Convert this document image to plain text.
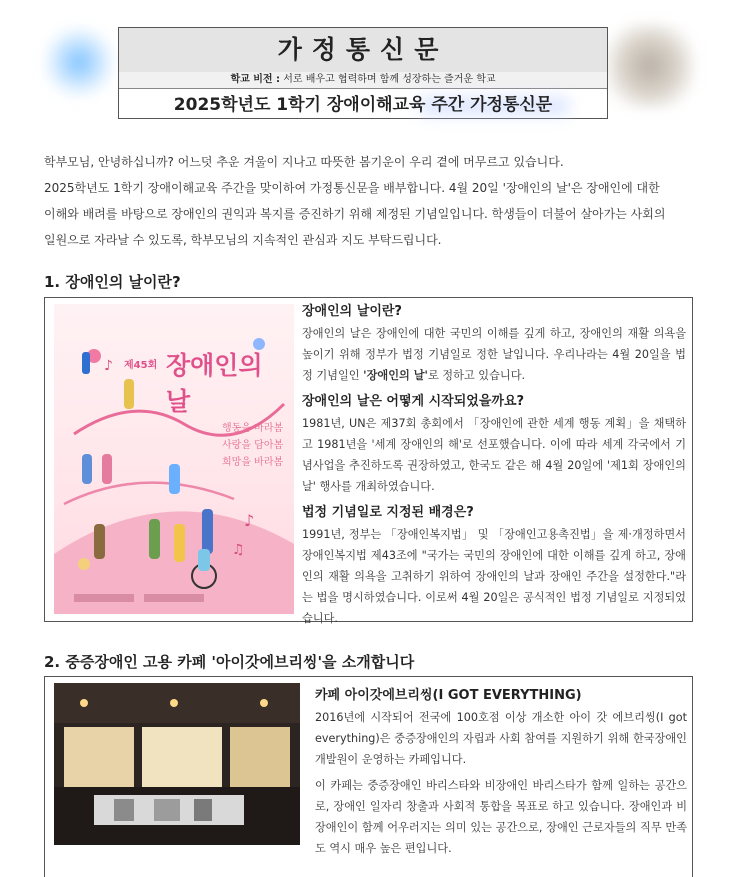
가정통신문
학교 비전 : 서로 배우고 협력하며 함께 성장하는 즐거운 학교
2025학년도 1학기 장애이해교육 주간 가정통신문
학부모님, 안녕하십니까? 어느덧 추운 겨울이 지나고 따뜻한 봄기운이 우리 곁에 머무르고 있습니다.
2025학년도 1학기 장애이해교육 주간을 맞이하여 가정통신문을 배부합니다. 4월 20일 '장애인의 날'은 장애인에 대한
이해와 배려를 바탕으로 장애인의 권익과 복지를 증진하기 위해 제정된 기념일입니다. 학생들이 더불어 살아가는 사회의
일원으로 자라날 수 있도록, 학부모님의 지속적인 관심과 지도 부탁드립니다.
1. 장애인의 날이란?
♪
♪
♫
제45회 장애인의 날
행동을 바라봄
사랑을 담아봄
희망을 바라봄
장애인의 날이란?

장애인의 날은 장애인에 대한 국민의 이해를 깊게 하고, 장애인의 재활 의욕을 높이기 위해 정부가 법정 기념일로 정한 날입니다. 우리나라는 4월 20일을 법정 기념일인 '장애인의 날'로 정하고 있습니다.

장애인의 날은 어떻게 시작되었을까요?

1981년, UN은 제37회 총회에서 「장애인에 관한 세계 행동 계획」을 채택하고 1981년을 '세계 장애인의 해'로 선포했습니다. 이에 따라 세계 각국에서 기념사업을 추진하도록 권장하였고, 한국도 같은 해 4월 20일에 '제1회 장애인의 날' 행사를 개최하였습니다.

법정 기념일로 지정된 배경은?

1991년, 정부는 「장애인복지법」 및 「장애인고용촉진법」을 제·개정하면서 장애인복지법 제43조에 "국가는 국민의 장애인에 대한 이해를 깊게 하고, 장애인의 재활 의욕을 고취하기 위하여 장애인의 날과 장애인 주간을 설정한다."라는 법을 명시하였습니다. 이로써 4월 20일은 공식적인 법정 기념일로 지정되었습니다.

2. 중증장애인 고용 카페 '아이갓에브리씽'을 소개합니다
카페 아이갓에브리씽(I GOT EVERYTHING)

2016년에 시작되어 전국에 100호점 이상 개소한 아이 갓 에브리씽(I got everything)은 중증장애인의 자립과 사회 참여를 지원하기 위해 한국장애인개발원이 운영하는 카페입니다.

이 카페는 중증장애인 바리스타와 비장애인 바리스타가 함께 일하는 공간으로, 장애인 일자리 창출과 사회적 통합을 목표로 하고 있습니다. 장애인과 비장애인이 함께 어우러지는 의미 있는 공간으로, 장애인 근로자들의 직무 만족도 역시 매우 높은 편입니다.
